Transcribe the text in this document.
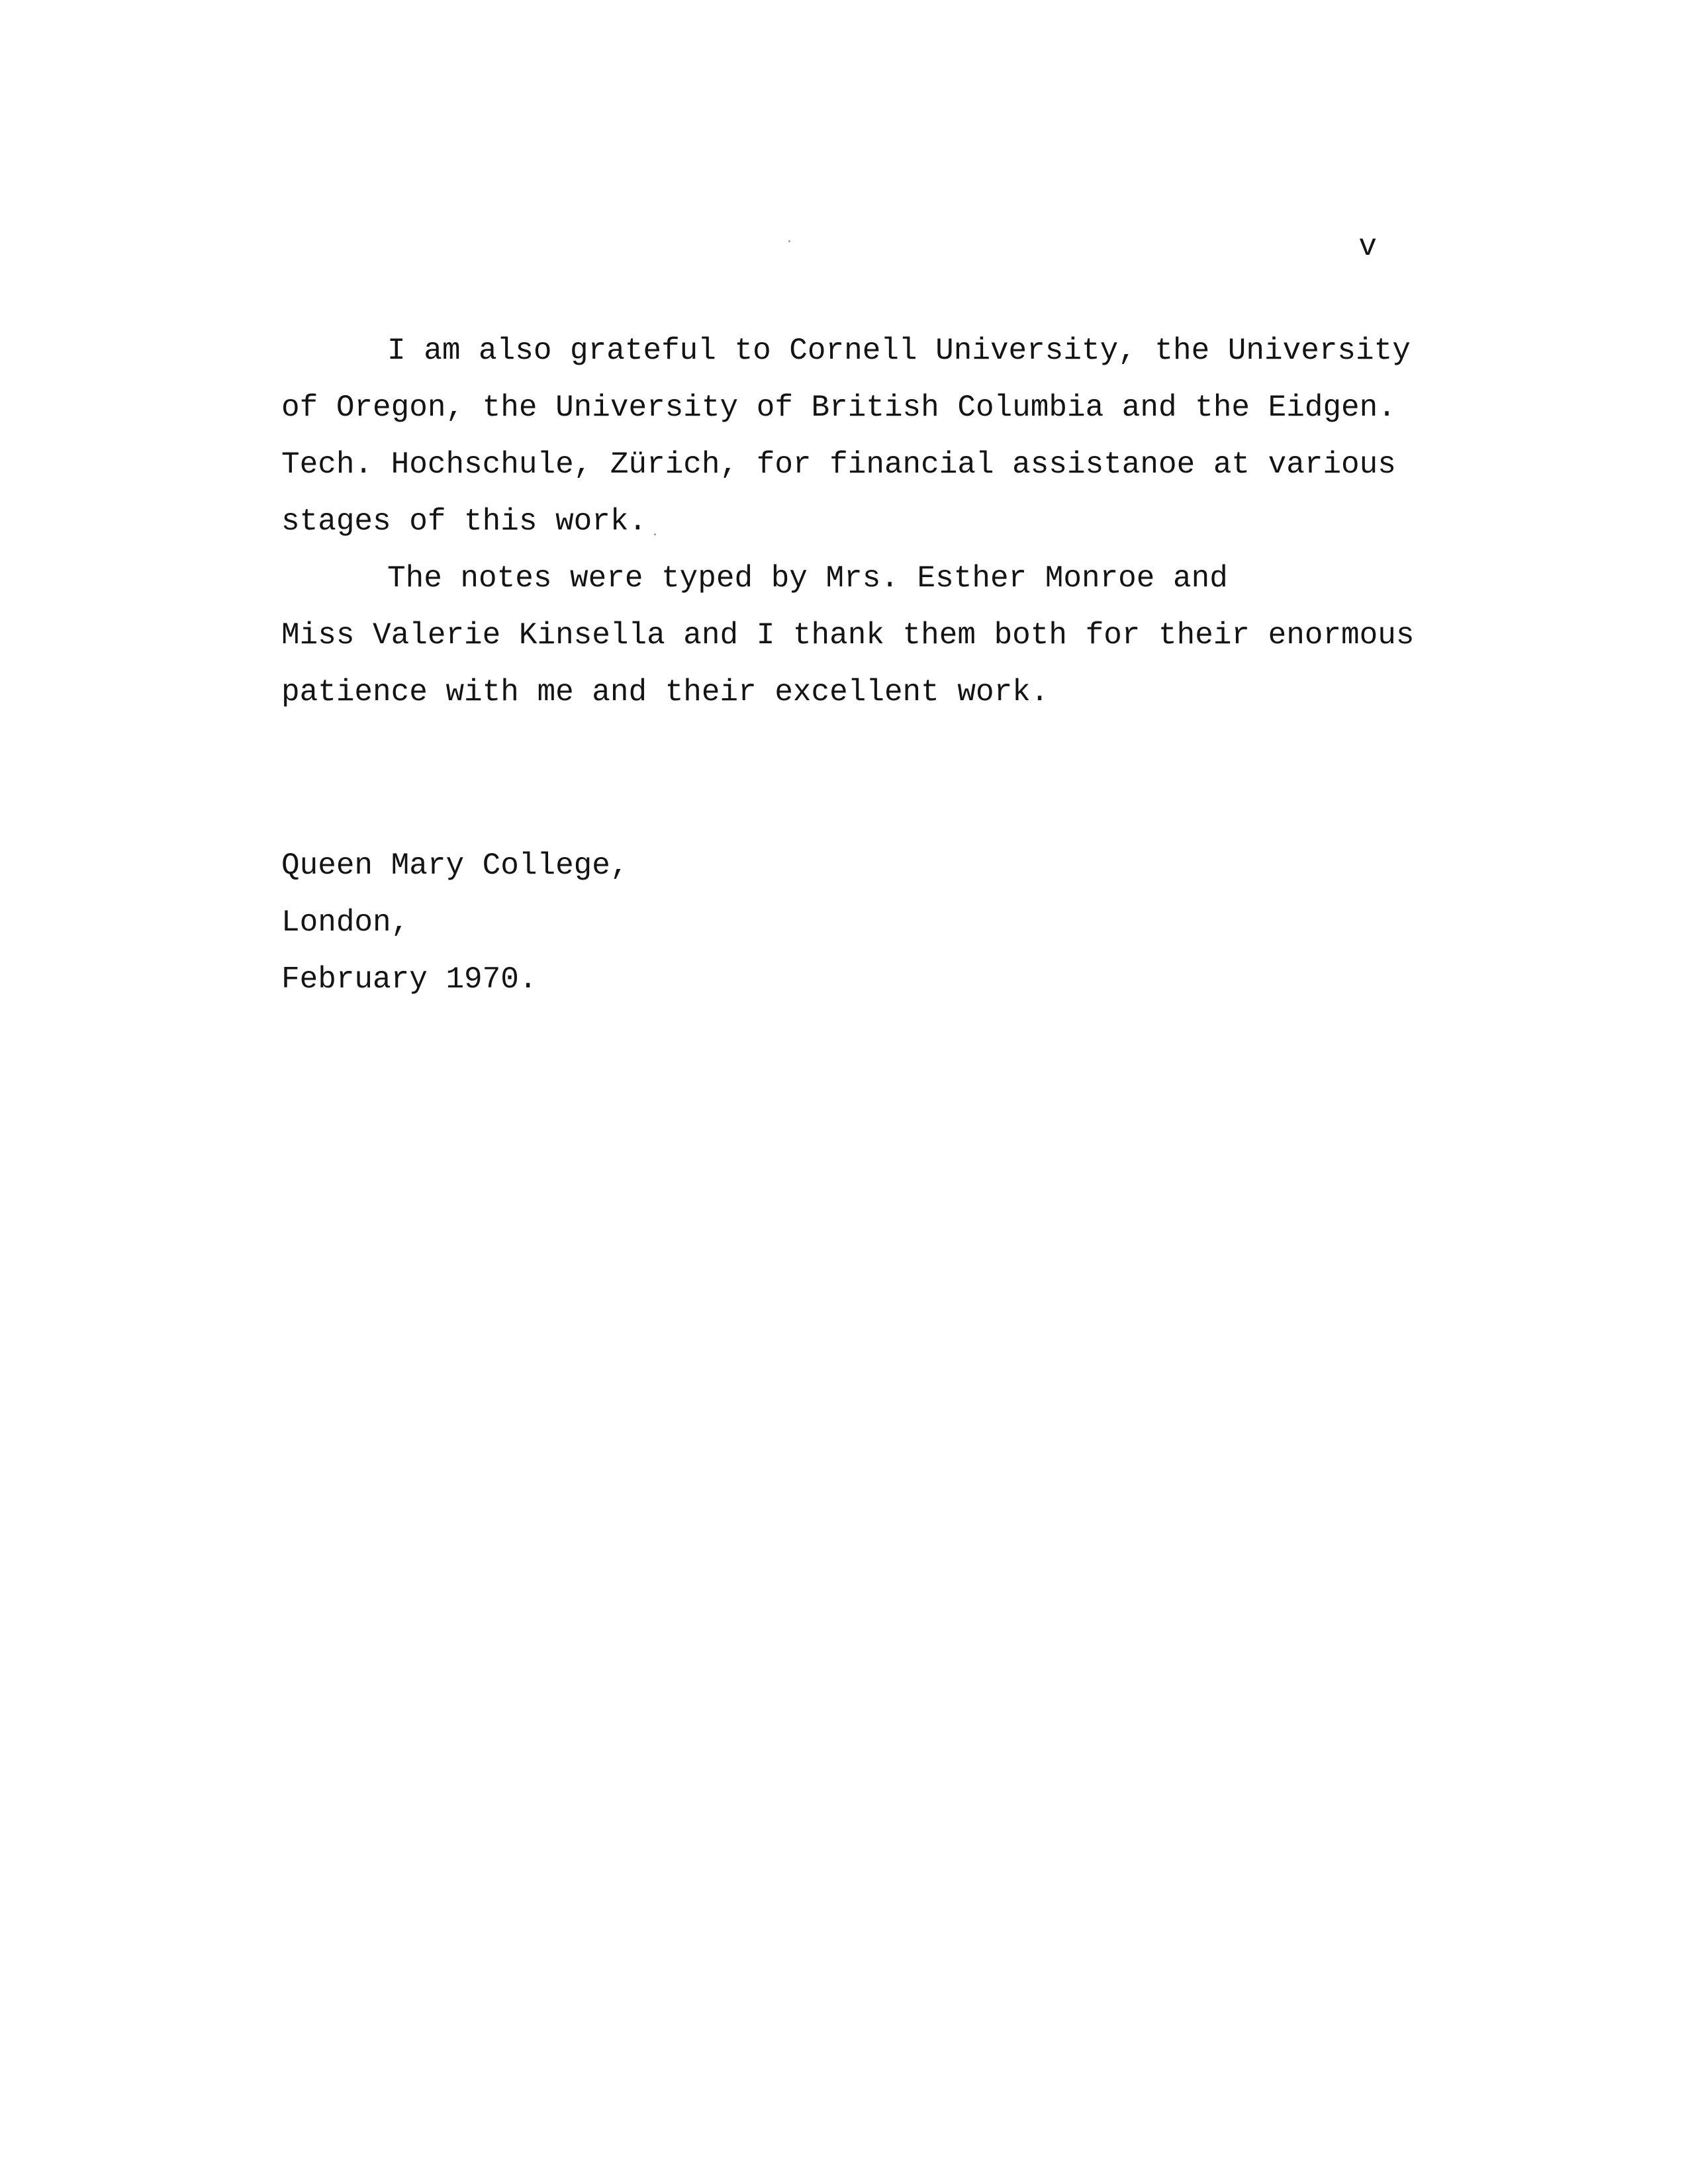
v
I am also grateful to Cornell University, the University
of Oregon, the University of British Columbia and the Eidgen.
Tech. Hochschule, Zürich, for financial assistanoe at various
stages of this work.
The notes were typed by Mrs. Esther Monroe and
Miss Valerie Kinsella and I thank them both for their enormous
patience with me and their excellent work.
Queen Mary College,
London,
February 1970.
